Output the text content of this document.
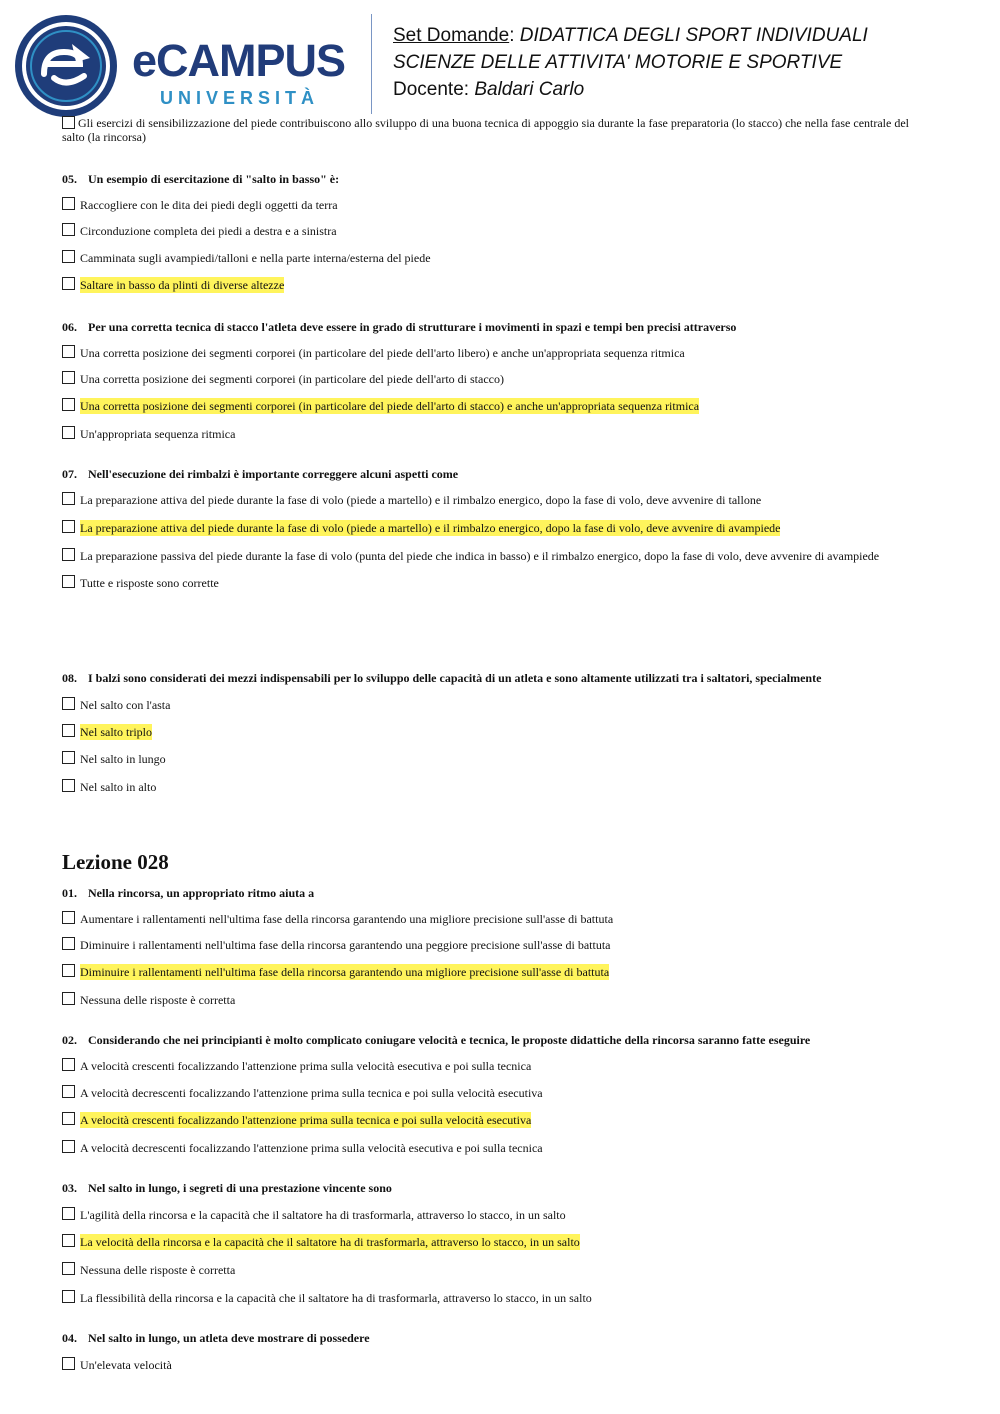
eCAMPUS
UNIVERSITÀ
Set Domande: DIDATTICA DEGLI SPORT INDIVIDUALI
SCIENZE DELLE ATTIVITA' MOTORIE E SPORTIVE
Docente: Baldari Carlo
Gli esercizi di sensibilizzazione del piede contribuiscono allo sviluppo di una buona tecnica di appoggio sia durante la fase preparatoria (lo stacco) che nella fase centrale del salto (la rincorsa)
05. Un esempio di esercitazione di "salto in basso" è:
Raccogliere con le dita dei piedi degli oggetti da terra
Circonduzione completa dei piedi a destra e a sinistra
Camminata sugli avampiedi/talloni e nella parte interna/esterna del piede
Saltare in basso da plinti di diverse altezze
06. Per una corretta tecnica di stacco l'atleta deve essere in grado di strutturare i movimenti in spazi e tempi ben precisi attraverso
Una corretta posizione dei segmenti corporei (in particolare del piede dell'arto libero) e anche un'appropriata sequenza ritmica
Una corretta posizione dei segmenti corporei (in particolare del piede dell'arto di stacco)
Una corretta posizione dei segmenti corporei (in particolare del piede dell'arto di stacco) e anche un'appropriata sequenza ritmica
Un'appropriata sequenza ritmica
07. Nell'esecuzione dei rimbalzi è importante correggere alcuni aspetti come
La preparazione attiva del piede durante la fase di volo (piede a martello) e il rimbalzo energico, dopo la fase di volo, deve avvenire di tallone
La preparazione attiva del piede durante la fase di volo (piede a martello) e il rimbalzo energico, dopo la fase di volo, deve avvenire di avampiede
La preparazione passiva del piede durante la fase di volo (punta del piede che indica in basso) e il rimbalzo energico, dopo la fase di volo, deve avvenire di avampiede
Tutte e risposte sono corrette
08. I balzi sono considerati dei mezzi indispensabili per lo sviluppo delle capacità di un atleta e sono altamente utilizzati tra i saltatori, specialmente
Nel salto con l'asta
Nel salto triplo
Nel salto in lungo
Nel salto in alto
Lezione 028
01. Nella rincorsa, un appropriato ritmo aiuta a
Aumentare i rallentamenti nell'ultima fase della rincorsa garantendo una migliore precisione sull'asse di battuta
Diminuire i rallentamenti nell'ultima fase della rincorsa garantendo una peggiore precisione sull'asse di battuta
Diminuire i rallentamenti nell'ultima fase della rincorsa garantendo una migliore precisione sull'asse di battuta
Nessuna delle risposte è corretta
02. Considerando che nei principianti è molto complicato coniugare velocità e tecnica, le proposte didattiche della rincorsa saranno fatte eseguire
A velocità crescenti focalizzando l'attenzione prima sulla velocità esecutiva e poi sulla tecnica
A velocità decrescenti focalizzando l'attenzione prima sulla tecnica e poi sulla velocità esecutiva
A velocità crescenti focalizzando l'attenzione prima sulla tecnica e poi sulla velocità esecutiva
A velocità decrescenti focalizzando l'attenzione prima sulla velocità esecutiva e poi sulla tecnica
03. Nel salto in lungo, i segreti di una prestazione vincente sono
L'agilità della rincorsa e la capacità che il saltatore ha di trasformarla, attraverso lo stacco, in un salto
La velocità della rincorsa e la capacità che il saltatore ha di trasformarla, attraverso lo stacco, in un salto
Nessuna delle risposte è corretta
La flessibilità della rincorsa e la capacità che il saltatore ha di trasformarla, attraverso lo stacco, in un salto
04. Nel salto in lungo, un atleta deve mostrare di possedere
Un'elevata velocità
